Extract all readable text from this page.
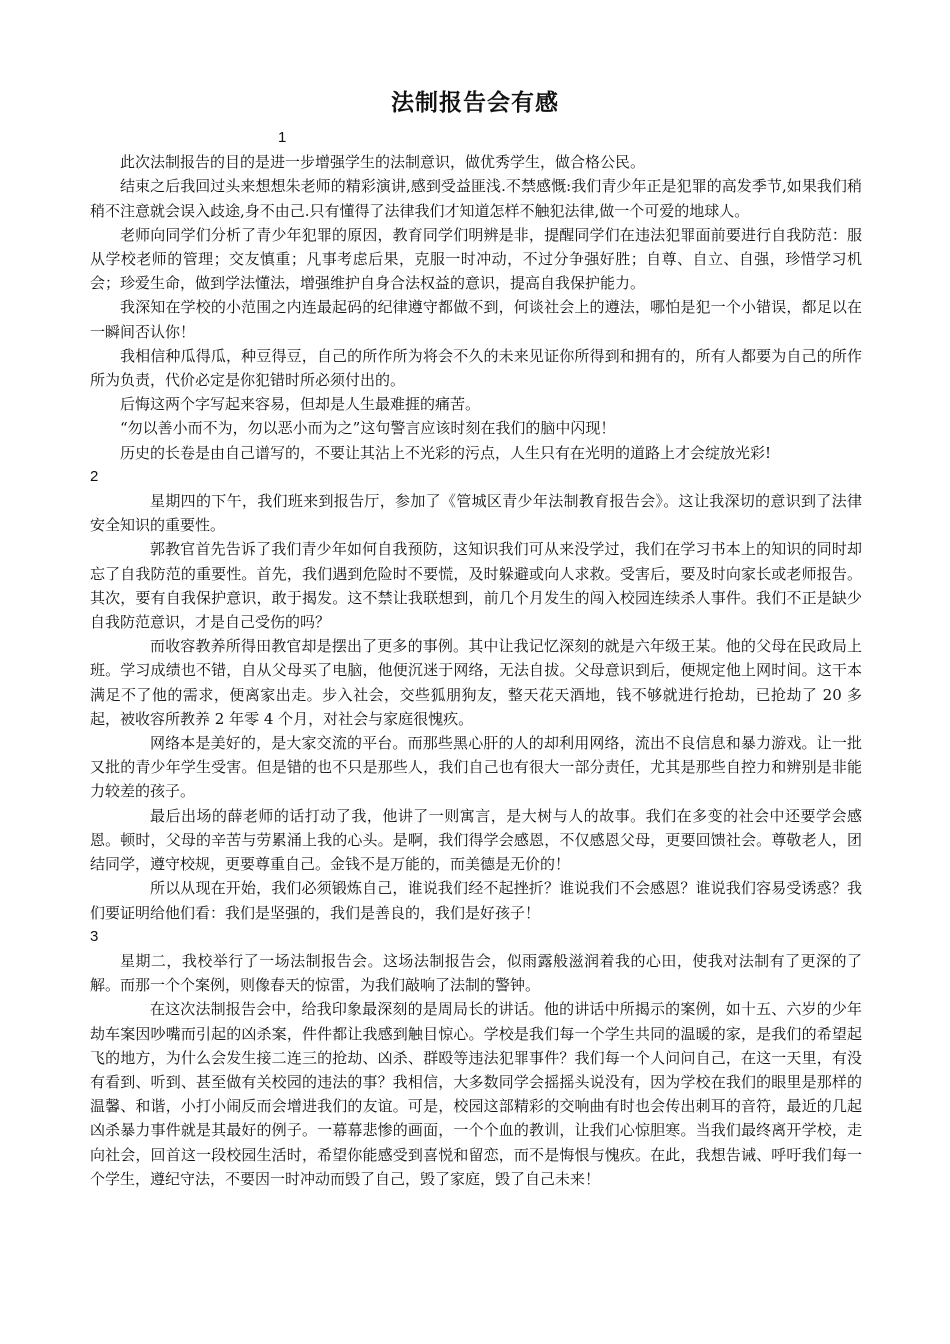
法制报告会有感

1

此次法制报告的目的是进一步增强学生的法制意识，做优秀学生，做合格公民。

结束之后我回过头来想想朱老师的精彩演讲,感到受益匪浅.不禁感慨:我们青少年正是犯罪的高发季节,如果我们稍稍不注意就会误入歧途,身不由己.只有懂得了法律我们才知道怎样不触犯法律,做一个可爱的地球人。

老师向同学们分析了青少年犯罪的原因，教育同学们明辨是非，提醒同学们在违法犯罪面前要进行自我防范：服从学校老师的管理；交友慎重；凡事考虑后果，克服一时冲动，不过分争强好胜；自尊、自立、自强，珍惜学习机会；珍爱生命，做到学法懂法，增强维护自身合法权益的意识，提高自我保护能力。

我深知在学校的小范围之内连最起码的纪律遵守都做不到，何谈社会上的遵法，哪怕是犯一个小错误，都足以在一瞬间否认你！

我相信种瓜得瓜，种豆得豆，自己的所作所为将会不久的未来见证你所得到和拥有的，所有人都要为自己的所作所为负责，代价必定是你犯错时所必须付出的。

后悔这两个字写起来容易，但却是人生最难捱的痛苦。

“勿以善小而不为，勿以恶小而为之”这句警言应该时刻在我们的脑中闪现！

历史的长卷是由自己谱写的，不要让其沾上不光彩的污点，人生只有在光明的道路上才会绽放光彩!

2

星期四的下午，我们班来到报告厅，参加了《管城区青少年法制教育报告会》。这让我深切的意识到了法律安全知识的重要性。

郭教官首先告诉了我们青少年如何自我预防，这知识我们可从来没学过，我们在学习书本上的知识的同时却忘了自我防范的重要性。首先，我们遇到危险时不要慌，及时躲避或向人求救。受害后，要及时向家长或老师报告。其次，要有自我保护意识，敢于揭发。这不禁让我联想到，前几个月发生的闯入校园连续杀人事件。我们不正是缺少自我防范意识，才是自己受伤的吗？

而收容教养所得田教官却是摆出了更多的事例。其中让我记忆深刻的就是六年级王某。他的父母在民政局上班。学习成绩也不错，自从父母买了电脑，他便沉迷于网络，无法自拔。父母意识到后，便规定他上网时间。这干本满足不了他的需求，便离家出走。步入社会，交些狐朋狗友，整天花天酒地，钱不够就进行抢劫，已抢劫了 20 多起，被收容所教养 2 年零 4 个月，对社会与家庭很愧疚。

网络本是美好的，是大家交流的平台。而那些黑心肝的人的却利用网络，流出不良信息和暴力游戏。让一批又批的青少年学生受害。但是错的也不只是那些人，我们自己也有很大一部分责任，尤其是那些自控力和辨别是非能力较差的孩子。

最后出场的薛老师的话打动了我，他讲了一则寓言，是大树与人的故事。我们在多变的社会中还要学会感恩。顿时，父母的辛苦与劳累涌上我的心头。是啊，我们得学会感恩，不仅感恩父母，更要回馈社会。尊敬老人，团结同学，遵守校规，更要尊重自己。金钱不是万能的，而美德是无价的！

所以从现在开始，我们必须锻炼自己，谁说我们经不起挫折？谁说我们不会感恩？谁说我们容易受诱惑？我们要证明给他们看：我们是坚强的，我们是善良的，我们是好孩子！

3

星期二，我校举行了一场法制报告会。这场法制报告会，似雨露般滋润着我的心田，使我对法制有了更深的了解。而那一个个案例，则像春天的惊雷，为我们敲响了法制的警钟。

在这次法制报告会中，给我印象最深刻的是周局长的讲话。他的讲话中所揭示的案例，如十五、六岁的少年劫车案因吵嘴而引起的凶杀案，件件都让我感到触目惊心。学校是我们每一个学生共同的温暖的家，是我们的希望起飞的地方，为什么会发生接二连三的抢劫、凶杀、群殴等违法犯罪事件？我们每一个人问问自己，在这一天里，有没有看到、听到、甚至做有关校园的违法的事？我相信，大多数同学会摇摇头说没有，因为学校在我们的眼里是那样的温馨、和谐，小打小闹反而会增进我们的友谊。可是，校园这部精彩的交响曲有时也会传出刺耳的音符，最近的几起凶杀暴力事件就是其最好的例子。一幕幕悲惨的画面，一个个血的教训，让我们心惊胆寒。当我们最终离开学校，走向社会，回首这一段校园生活时，希望你能感受到喜悦和留恋，而不是悔恨与愧疚。在此，我想告诫、呼吁我们每一个学生，遵纪守法，不要因一时冲动而毁了自己，毁了家庭，毁了自己未来！
